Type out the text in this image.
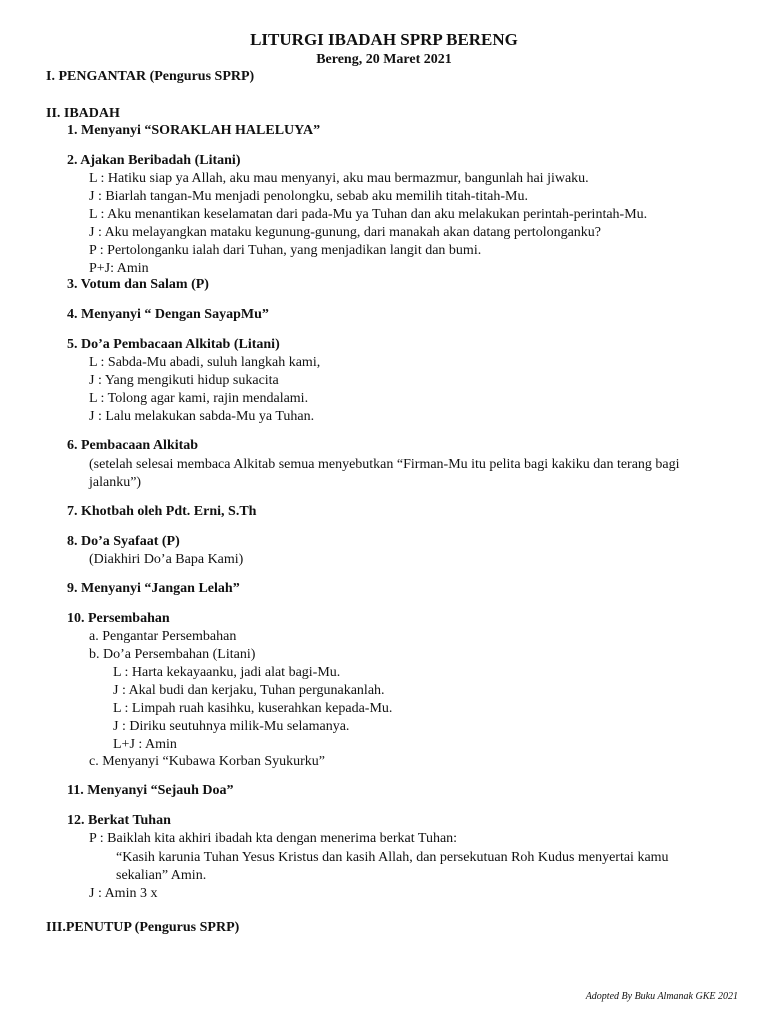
LITURGI IBADAH SPRP BERENG
Bereng, 20 Maret 2021
I. PENGANTAR (Pengurus SPRP)
II. IBADAH
1. Menyanyi “SORAKLAH HALELUYA”
2. Ajakan Beribadah (Litani)
L : Hatiku siap ya Allah, aku mau menyanyi, aku mau bermazmur, bangunlah hai jiwaku.
J : Biarlah tangan-Mu menjadi penolongku, sebab aku memilih titah-titah-Mu.
L : Aku menantikan keselamatan dari pada-Mu ya Tuhan dan aku melakukan perintah-perintah-Mu.
J : Aku melayangkan mataku kegunung-gunung, dari manakah akan datang pertolonganku?
P : Pertolonganku ialah dari Tuhan, yang menjadikan langit dan bumi.
P+J: Amin
3. Votum dan Salam (P)
4. Menyanyi “ Dengan SayapMu”
5. Do’a Pembacaan Alkitab (Litani)
L : Sabda-Mu abadi, suluh langkah kami,
J : Yang mengikuti hidup sukacita
L : Tolong agar kami, rajin mendalami.
J : Lalu melakukan sabda-Mu ya Tuhan.
6. Pembacaan Alkitab
(setelah selesai membaca Alkitab semua menyebutkan “Firman-Mu itu pelita bagi kakiku dan terang bagi
jalanku”)
7. Khotbah oleh Pdt. Erni, S.Th
8. Do’a Syafaat (P)
(Diakhiri Do’a Bapa Kami)
9. Menyanyi “Jangan Lelah”
10. Persembahan
a. Pengantar Persembahan
b. Do’a Persembahan (Litani)
L : Harta kekayaanku, jadi alat bagi-Mu.
J : Akal budi dan kerjaku, Tuhan pergunakanlah.
L : Limpah ruah kasihku, kuserahkan kepada-Mu.
J : Diriku seutuhnya milik-Mu selamanya.
L+J : Amin
c. Menyanyi “Kubawa Korban Syukurku”
11. Menyanyi “Sejauh Doa”
12. Berkat Tuhan
P : Baiklah kita akhiri ibadah kta dengan menerima berkat Tuhan:
“Kasih karunia Tuhan Yesus Kristus dan kasih Allah, dan persekutuan Roh Kudus menyertai kamu
sekalian” Amin.
J : Amin 3 x
III.PENUTUP (Pengurus SPRP)
Adopted By Buku Almanak GKE 2021
